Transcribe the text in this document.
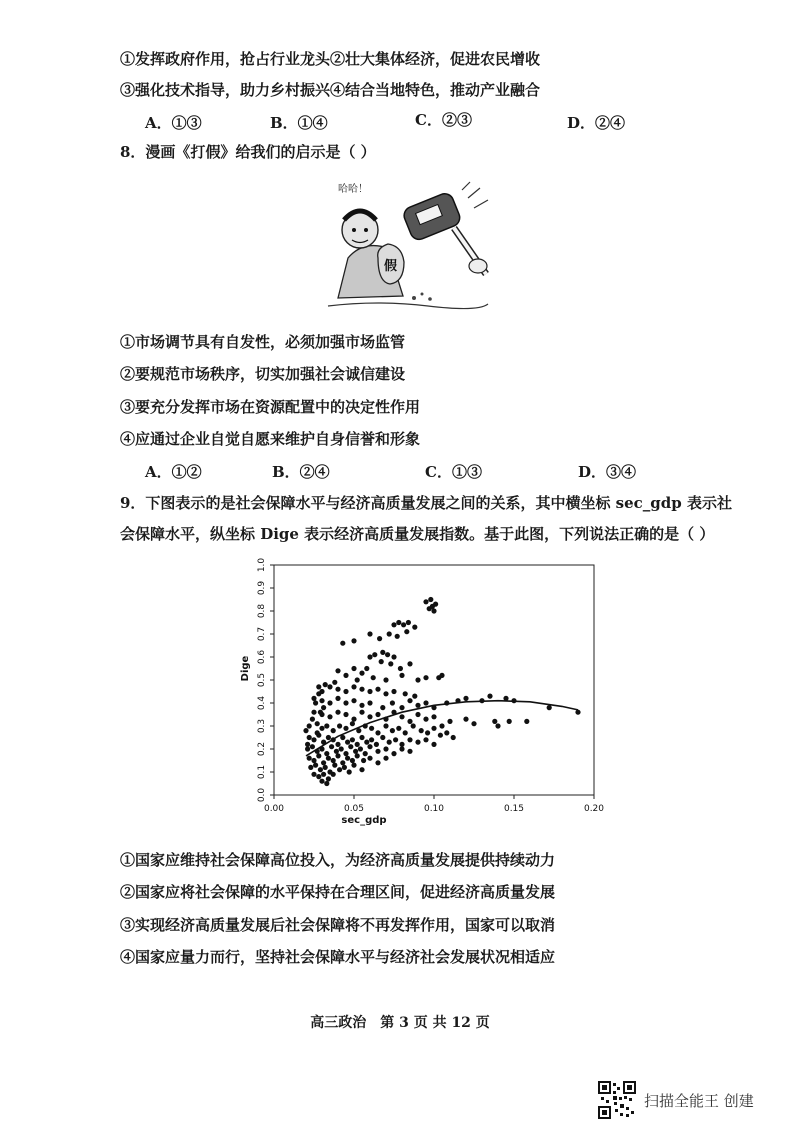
①发挥政府作用，抢占行业龙头②壮大集体经济，促进农民增收
③强化技术指导，助力乡村振兴④结合当地特色，推动产业融合
A．①③	B．①④	C．②③	D．②④
8．漫画《打假》给我们的启示是（ ）
哈哈！
假
①市场调节具有自发性，必须加强市场监管
②要规范市场秩序，切实加强社会诚信建设
③要充分发挥市场在资源配置中的决定性作用
④应通过企业自觉自愿来维护自身信誉和形象
A．①②	B．②④	C．①③	D．③④
9．下图表示的是社会保障水平与经济高质量发展之间的关系，其中横坐标 sec_gdp 表示社
会保障水平，纵坐标 Dige 表示经济高质量发展指数。基于此图，下列说法正确的是（ ）
0.00	0.05	0.10	0.15	0.20
0.0
0.1
0.2
0.3
0.4
0.5
0.6
0.7
0.8
0.9
1.0
sec_gdp
Dige
①国家应维持社会保障高位投入，为经济高质量发展提供持续动力
②国家应将社会保障的水平保持在合理区间，促进经济高质量发展
③实现经济高质量发展后社会保障将不再发挥作用，国家可以取消
④国家应量力而行，坚持社会保障水平与经济社会发展状况相适应
高三政治　第 3 页 共 12 页
扫描全能王 创建
